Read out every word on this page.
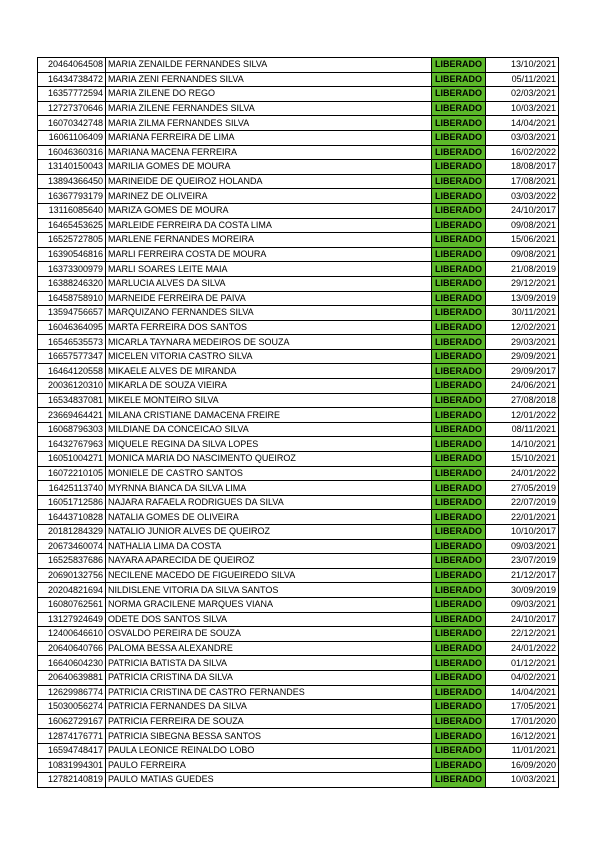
20464064508	MARIA ZENAILDE FERNANDES SILVA	LIBERADO	13/10/2021
16434738472	MARIA ZENI FERNANDES SILVA	LIBERADO	05/11/2021
16357772594	MARIA ZILENE DO REGO	LIBERADO	02/03/2021
12727370646	MARIA ZILENE FERNANDES SILVA	LIBERADO	10/03/2021
16070342748	MARIA ZILMA FERNANDES SILVA	LIBERADO	14/04/2021
16061106409	MARIANA FERREIRA DE LIMA	LIBERADO	03/03/2021
16046360316	MARIANA MACENA FERREIRA	LIBERADO	16/02/2022
13140150043	MARILIA GOMES DE MOURA	LIBERADO	18/08/2017
13894366450	MARINEIDE DE QUEIROZ HOLANDA	LIBERADO	17/08/2021
16367793179	MARINEZ DE OLIVEIRA	LIBERADO	03/03/2022
13116085640	MARIZA GOMES DE MOURA	LIBERADO	24/10/2017
16465453625	MARLEIDE FERREIRA DA COSTA LIMA	LIBERADO	09/08/2021
16525727805	MARLENE FERNANDES MOREIRA	LIBERADO	15/06/2021
16390546816	MARLI FERREIRA COSTA DE MOURA	LIBERADO	09/08/2021
16373300979	MARLI SOARES LEITE MAIA	LIBERADO	21/08/2019
16388246320	MARLUCIA ALVES DA SILVA	LIBERADO	29/12/2021
16458758910	MARNEIDE FERREIRA DE PAIVA	LIBERADO	13/09/2019
13594756657	MARQUIZANO FERNANDES SILVA	LIBERADO	30/11/2021
16046364095	MARTA FERREIRA DOS SANTOS	LIBERADO	12/02/2021
16546535573	MICARLA TAYNARA MEDEIROS DE SOUZA	LIBERADO	29/03/2021
16657577347	MICELEN VITORIA CASTRO SILVA	LIBERADO	29/09/2021
16464120558	MIKAELE ALVES DE MIRANDA	LIBERADO	29/09/2017
20036120310	MIKARLA DE SOUZA VIEIRA	LIBERADO	24/06/2021
16534837081	MIKELE MONTEIRO SILVA	LIBERADO	27/08/2018
23669464421	MILANA CRISTIANE DAMACENA FREIRE	LIBERADO	12/01/2022
16068796303	MILDIANE DA CONCEICAO SILVA	LIBERADO	08/11/2021
16432767963	MIQUELE REGINA DA SILVA LOPES	LIBERADO	14/10/2021
16051004271	MONICA MARIA DO NASCIMENTO QUEIROZ	LIBERADO	15/10/2021
16072210105	MONIELE DE CASTRO SANTOS	LIBERADO	24/01/2022
16425113740	MYRNNA BIANCA DA SILVA LIMA	LIBERADO	27/05/2019
16051712586	NAJARA RAFAELA RODRIGUES DA SILVA	LIBERADO	22/07/2019
16443710828	NATALIA GOMES DE OLIVEIRA	LIBERADO	22/01/2021
20181284329	NATALIO JUNIOR ALVES DE QUEIROZ	LIBERADO	10/10/2017
20673460074	NATHALIA LIMA DA COSTA	LIBERADO	09/03/2021
16525837686	NAYARA APARECIDA DE QUEIROZ	LIBERADO	23/07/2019
20690132756	NECILENE MACEDO DE FIGUEIREDO SILVA	LIBERADO	21/12/2017
20204821694	NILDISLENE VITORIA DA SILVA SANTOS	LIBERADO	30/09/2019
16080762561	NORMA GRACILENE MARQUES VIANA	LIBERADO	09/03/2021
13127924649	ODETE DOS SANTOS SILVA	LIBERADO	24/10/2017
12400646610	OSVALDO PEREIRA DE SOUZA	LIBERADO	22/12/2021
20640640766	PALOMA BESSA ALEXANDRE	LIBERADO	24/01/2022
16640604230	PATRICIA BATISTA DA SILVA	LIBERADO	01/12/2021
20640639881	PATRICIA CRISTINA DA SILVA	LIBERADO	04/02/2021
12629986774	PATRICIA CRISTINA DE CASTRO FERNANDES	LIBERADO	14/04/2021
15030056274	PATRICIA FERNANDES DA SILVA	LIBERADO	17/05/2021
16062729167	PATRICIA FERREIRA DE SOUZA	LIBERADO	17/01/2020
12874176771	PATRICIA SIBEGNA BESSA SANTOS	LIBERADO	16/12/2021
16594748417	PAULA LEONICE REINALDO LOBO	LIBERADO	11/01/2021
10831994301	PAULO FERREIRA	LIBERADO	16/09/2020
12782140819	PAULO MATIAS GUEDES	LIBERADO	10/03/2021
